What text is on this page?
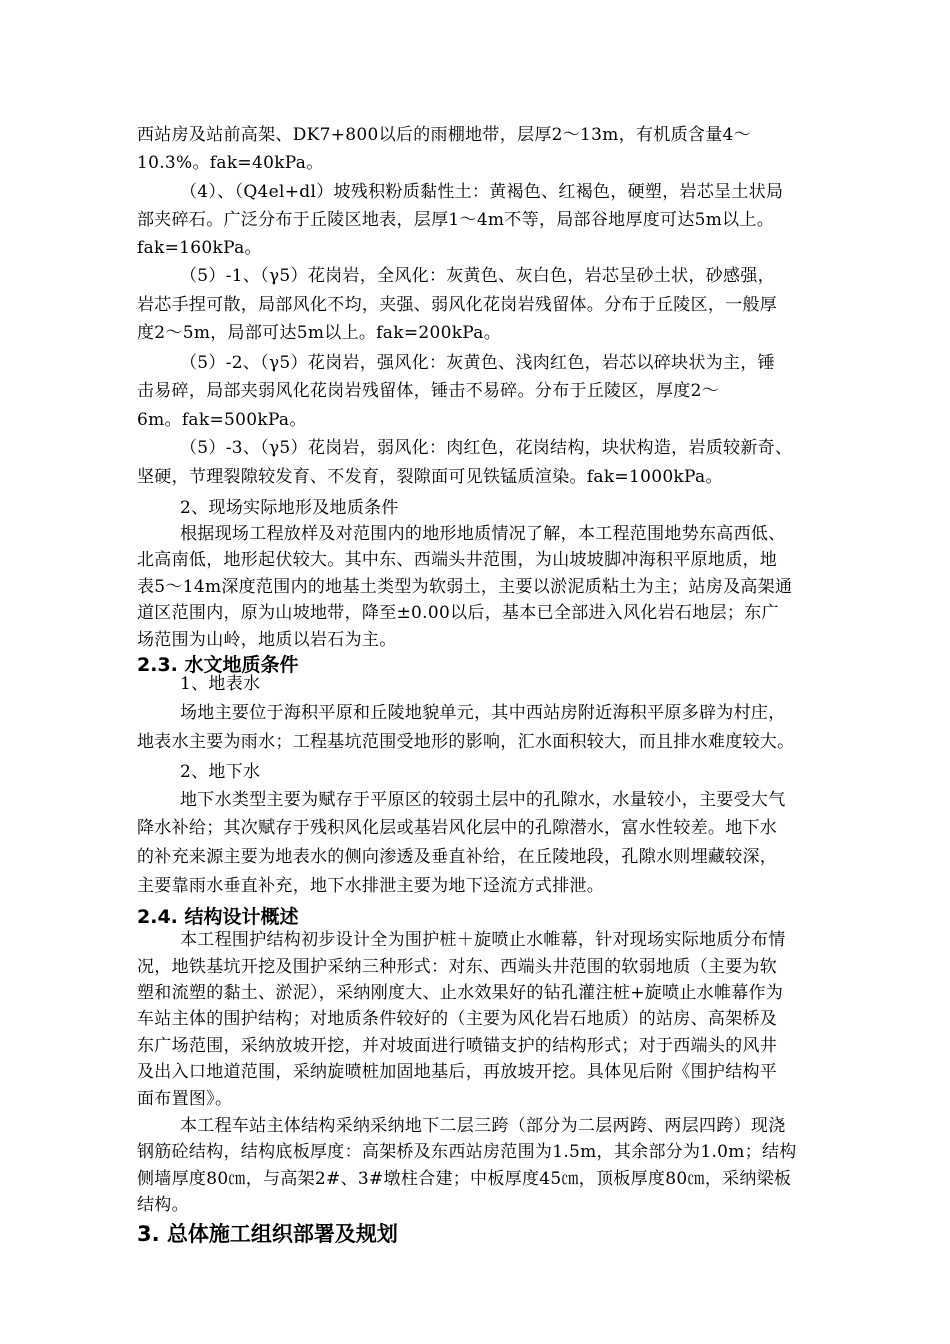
西站房及站前高架、DK7+800以后的雨棚地带，层厚2～13m，有机质含量4～
10.3%。fak=40kPa。
（4）、（Q4el+dl）坡残积粉质黏性土：黄褐色、红褐色，硬塑，岩芯呈土状局
部夹碎石。广泛分布于丘陵区地表，层厚1～4m不等，局部谷地厚度可达5m以上。
fak=160kPa。
（5）-1、（γ5）花岗岩，全风化：灰黄色、灰白色，岩芯呈砂土状，砂感强，
岩芯手捏可散，局部风化不均，夹强、弱风化花岗岩残留体。分布于丘陵区，一般厚
度2～5m，局部可达5m以上。fak=200kPa。
（5）-2、（γ5）花岗岩，强风化：灰黄色、浅肉红色，岩芯以碎块状为主，锤
击易碎，局部夹弱风化花岗岩残留体，锤击不易碎。分布于丘陵区，厚度2～
6m。fak=500kPa。
（5）-3、（γ5）花岗岩，弱风化：肉红色，花岗结构，块状构造，岩质较新奇、
坚硬，节理裂隙较发育、不发育，裂隙面可见铁锰质渲染。fak=1000kPa。
2、现场实际地形及地质条件
根据现场工程放样及对范围内的地形地质情况了解，本工程范围地势东高西低、
北高南低，地形起伏较大。其中东、西端头井范围，为山坡坡脚冲海积平原地质，地
表5～14m深度范围内的地基土类型为软弱土，主要以淤泥质粘土为主；站房及高架通
道区范围内，原为山坡地带，降至±0.00以后，基本已全部进入风化岩石地层；东广
场范围为山岭，地质以岩石为主。
2.3. 水文地质条件
1、地表水
场地主要位于海积平原和丘陵地貌单元，其中西站房附近海积平原多辟为村庄，
地表水主要为雨水；工程基坑范围受地形的影响，汇水面积较大，而且排水难度较大。
2、地下水
地下水类型主要为赋存于平原区的较弱土层中的孔隙水，水量较小，主要受大气
降水补给；其次赋存于残积风化层或基岩风化层中的孔隙潜水，富水性较差。地下水
的补充来源主要为地表水的侧向渗透及垂直补给，在丘陵地段，孔隙水则埋藏较深，
主要靠雨水垂直补充，地下水排泄主要为地下迳流方式排泄。
2.4. 结构设计概述
本工程围护结构初步设计全为围护桩＋旋喷止水帷幕，针对现场实际地质分布情
况，地铁基坑开挖及围护采纳三种形式：对东、西端头井范围的软弱地质（主要为软
塑和流塑的黏土、淤泥），采纳刚度大、止水效果好的钻孔灌注桩+旋喷止水帷幕作为
车站主体的围护结构；对地质条件较好的（主要为风化岩石地质）的站房、高架桥及
东广场范围，采纳放坡开挖，并对坡面进行喷锚支护的结构形式；对于西端头的风井
及出入口地道范围，采纳旋喷桩加固地基后，再放坡开挖。具体见后附《围护结构平
面布置图》。
本工程车站主体结构采纳采纳地下二层三跨（部分为二层两跨、两层四跨）现浇
钢筋砼结构，结构底板厚度：高架桥及东西站房范围为1.5m，其余部分为1.0m；结构
侧墙厚度80㎝，与高架2#、3#墩柱合建；中板厚度45㎝，顶板厚度80㎝，采纳梁板
结构。
3. 总体施工组织部署及规划
